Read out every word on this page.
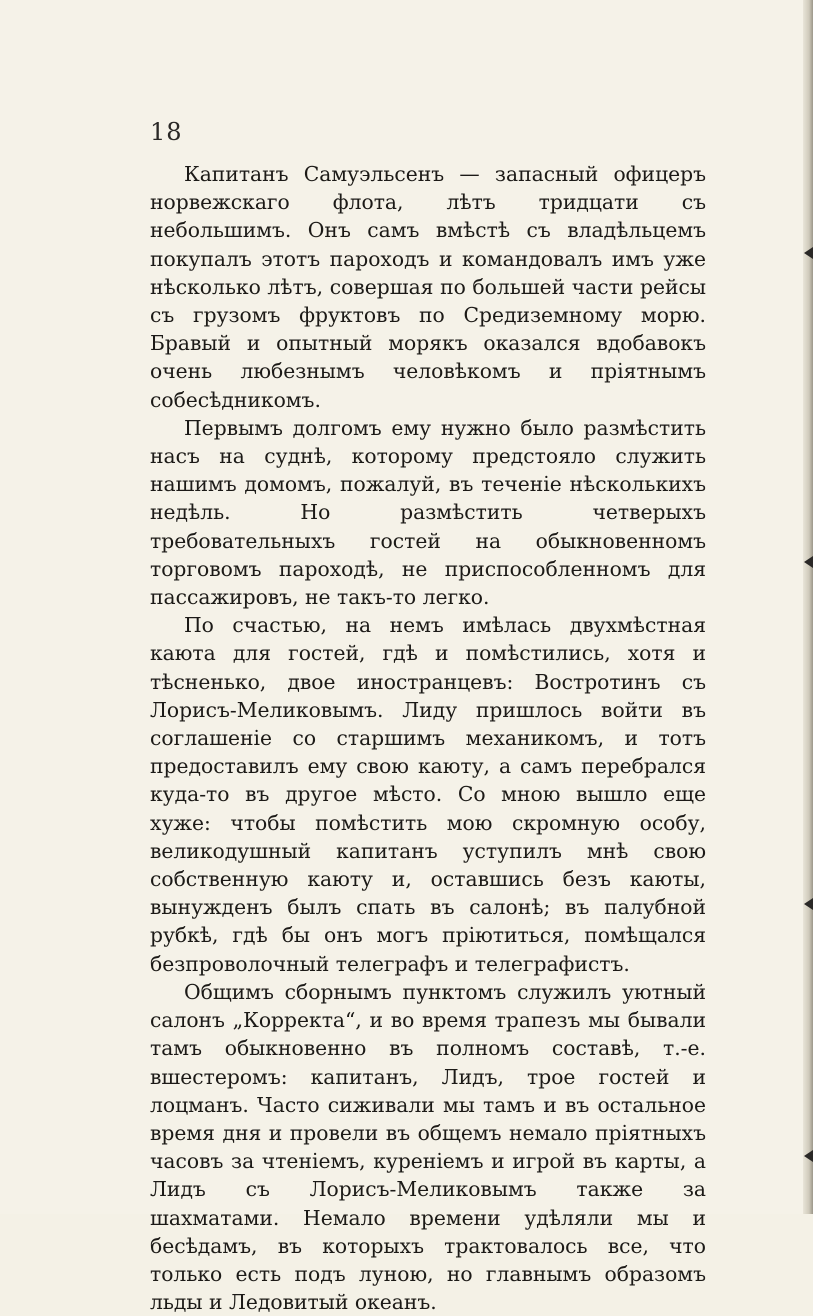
18

Капитанъ Самуэльсенъ — запасный офицеръ норвежскаго флота, лѣтъ тридцати съ небольшимъ. Онъ самъ вмѣстѣ съ владѣльцемъ покупалъ этотъ пароходъ и командовалъ имъ уже нѣсколько лѣтъ, совершая по большей части рейсы съ грузомъ фруктовъ по Средиземному морю. Бравый и опытный морякъ оказался вдобавокъ очень любезнымъ человѣкомъ и пріятнымъ собесѣдникомъ.

Первымъ долгомъ ему нужно было размѣстить насъ на суднѣ, которому предстояло служить нашимъ домомъ, пожалуй, въ теченіе нѣсколькихъ недѣль. Но размѣстить четверыхъ требовательныхъ гостей на обыкновенномъ торговомъ пароходѣ, не приспособленномъ для пассажировъ, не такъ-то легко.

По счастью, на немъ имѣлась двухмѣстная каюта для гостей, гдѣ и помѣстились, хотя и тѣсненько, двое иностранцевъ: Востротинъ съ Лорисъ-Меликовымъ. Лиду пришлось войти въ соглашеніе со старшимъ механикомъ, и тотъ предоставилъ ему свою каюту, а самъ перебрался куда-то въ другое мѣсто. Со мною вышло еще хуже: чтобы помѣстить мою скромную особу, великодушный капитанъ уступилъ мнѣ свою собственную каюту и, оставшись безъ каюты, вынужденъ былъ спать въ салонѣ; въ палубной рубкѣ, гдѣ бы онъ могъ пріютиться, помѣщался безпроволочный телеграфъ и телеграфистъ.

Общимъ сборнымъ пунктомъ служилъ уютный салонъ „Корректа“, и во время трапезъ мы бывали тамъ обыкновенно въ полномъ составѣ, т.-е. вшестеромъ: капитанъ, Лидъ, трое гостей и лоцманъ. Часто сиживали мы тамъ и въ остальное время дня и провели въ общемъ немало пріятныхъ часовъ за чтеніемъ, куреніемъ и игрой въ карты, а Лидъ съ Лорисъ-Меликовымъ также за шахматами. Немало времени удѣляли мы и бесѣдамъ, въ которыхъ трактовалось все, что только есть подъ луною, но главнымъ образомъ льды и Ледовитый океанъ.
